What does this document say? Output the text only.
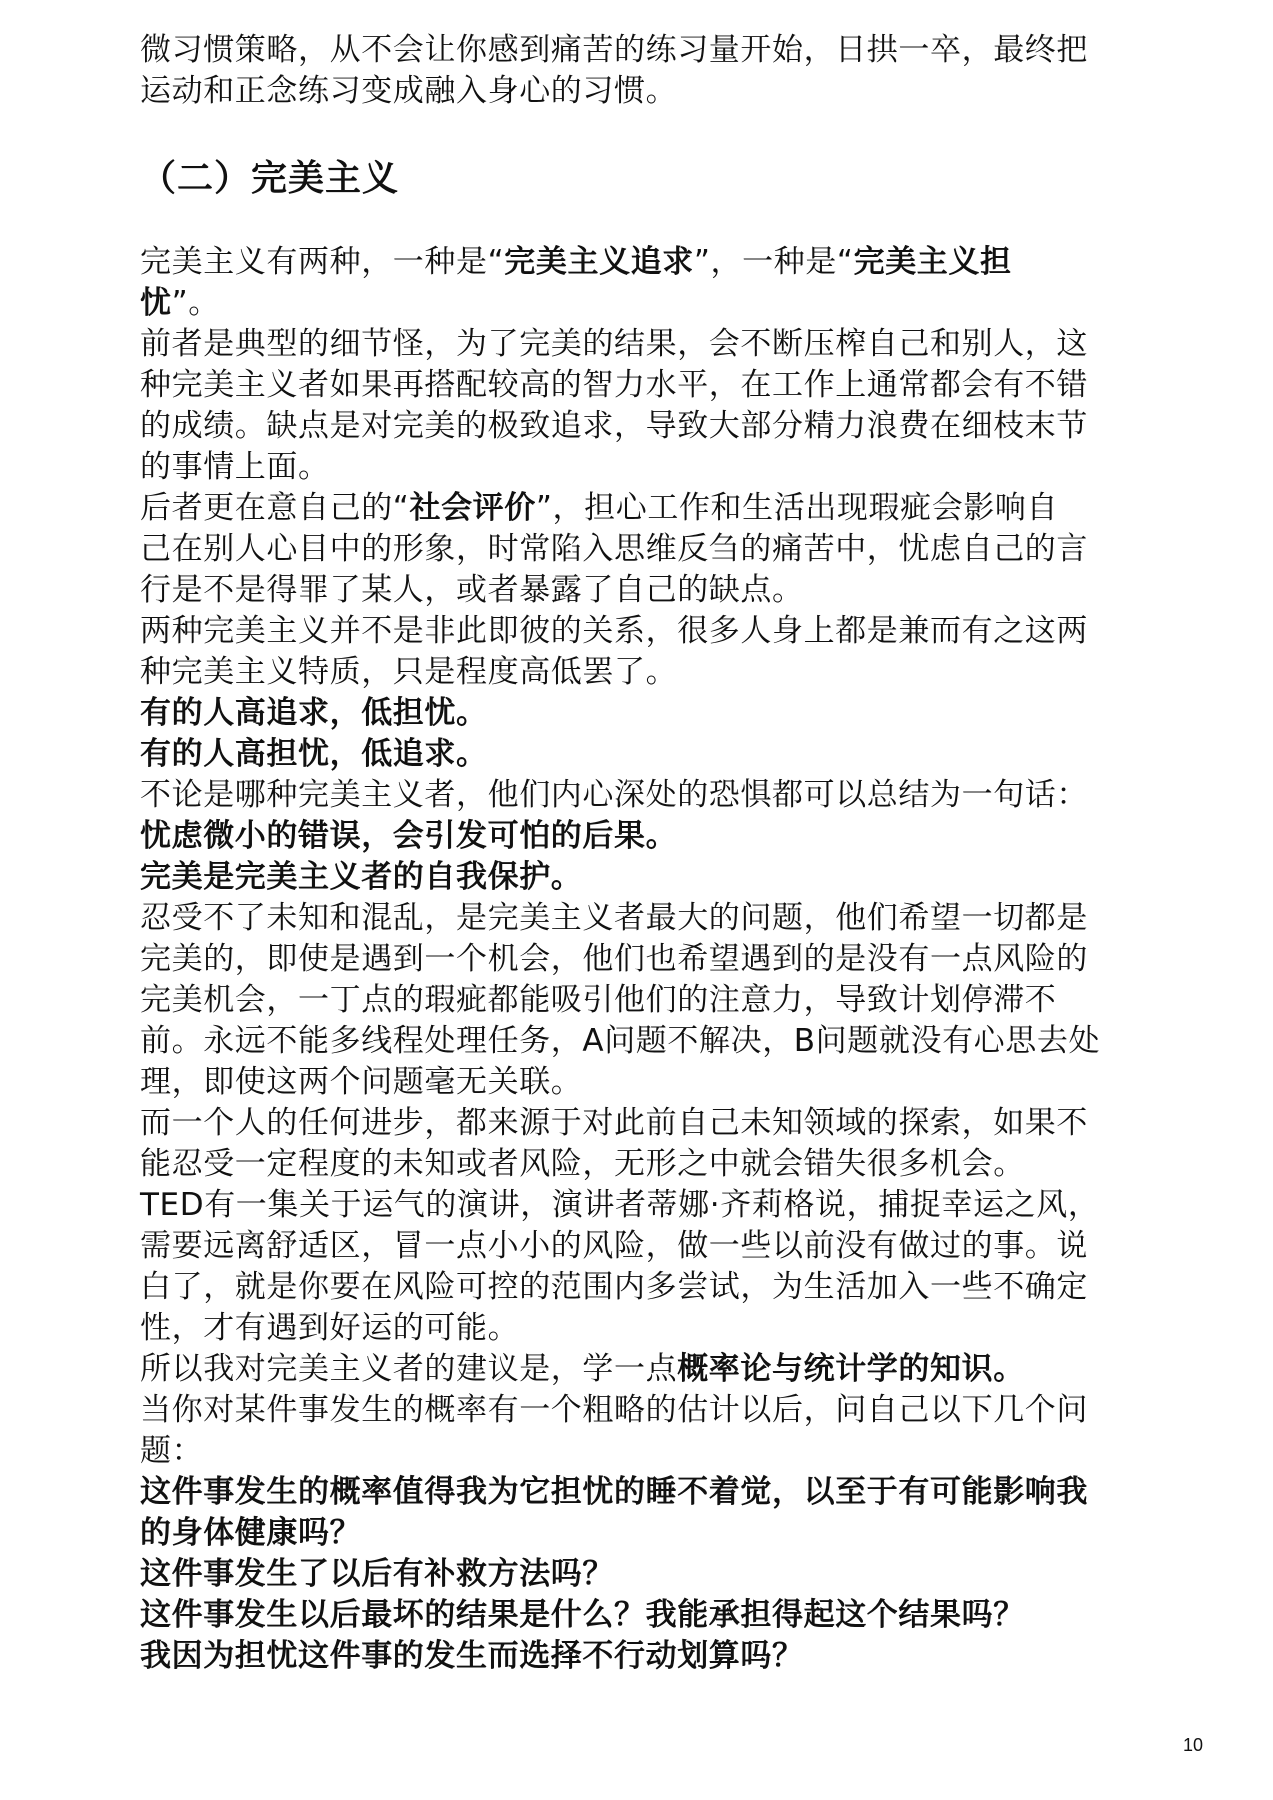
微习惯策略，从不会让你感到痛苦的练习量开始，日拱一卒，最终把
运动和正念练习变成融入身心的习惯。
（二）完美主义
完美主义有两种，一种是“完美主义追求”，一种是“完美主义担
忧”。
前者是典型的细节怪，为了完美的结果，会不断压榨自己和别人，这
种完美主义者如果再搭配较高的智力水平，在工作上通常都会有不错
的成绩。缺点是对完美的极致追求，导致大部分精力浪费在细枝末节
的事情上面。
后者更在意自己的“社会评价”，担心工作和生活出现瑕疵会影响自
己在别人心目中的形象，时常陷入思维反刍的痛苦中，忧虑自己的言
行是不是得罪了某人，或者暴露了自己的缺点。
两种完美主义并不是非此即彼的关系，很多人身上都是兼而有之这两
种完美主义特质，只是程度高低罢了。
有的人高追求，低担忧。
有的人高担忧，低追求。
不论是哪种完美主义者，他们内心深处的恐惧都可以总结为一句话：
忧虑微小的错误，会引发可怕的后果。
完美是完美主义者的自我保护。
忍受不了未知和混乱，是完美主义者最大的问题，他们希望一切都是
完美的，即使是遇到一个机会，他们也希望遇到的是没有一点风险的
完美机会，一丁点的瑕疵都能吸引他们的注意力，导致计划停滞不
前。永远不能多线程处理任务，A问题不解决，B问题就没有心思去处
理，即使这两个问题毫无关联。
而一个人的任何进步，都来源于对此前自己未知领域的探索，如果不
能忍受一定程度的未知或者风险，无形之中就会错失很多机会。
TED有一集关于运气的演讲，演讲者蒂娜·齐莉格说，捕捉幸运之风，
需要远离舒适区，冒一点小小的风险，做一些以前没有做过的事。说
白了，就是你要在风险可控的范围内多尝试，为生活加入一些不确定
性，才有遇到好运的可能。
所以我对完美主义者的建议是，学一点概率论与统计学的知识。
当你对某件事发生的概率有一个粗略的估计以后，问自己以下几个问
题：
这件事发生的概率值得我为它担忧的睡不着觉，以至于有可能影响我
的身体健康吗？
这件事发生了以后有补救方法吗？
这件事发生以后最坏的结果是什么？我能承担得起这个结果吗？
我因为担忧这件事的发生而选择不行动划算吗？
10
